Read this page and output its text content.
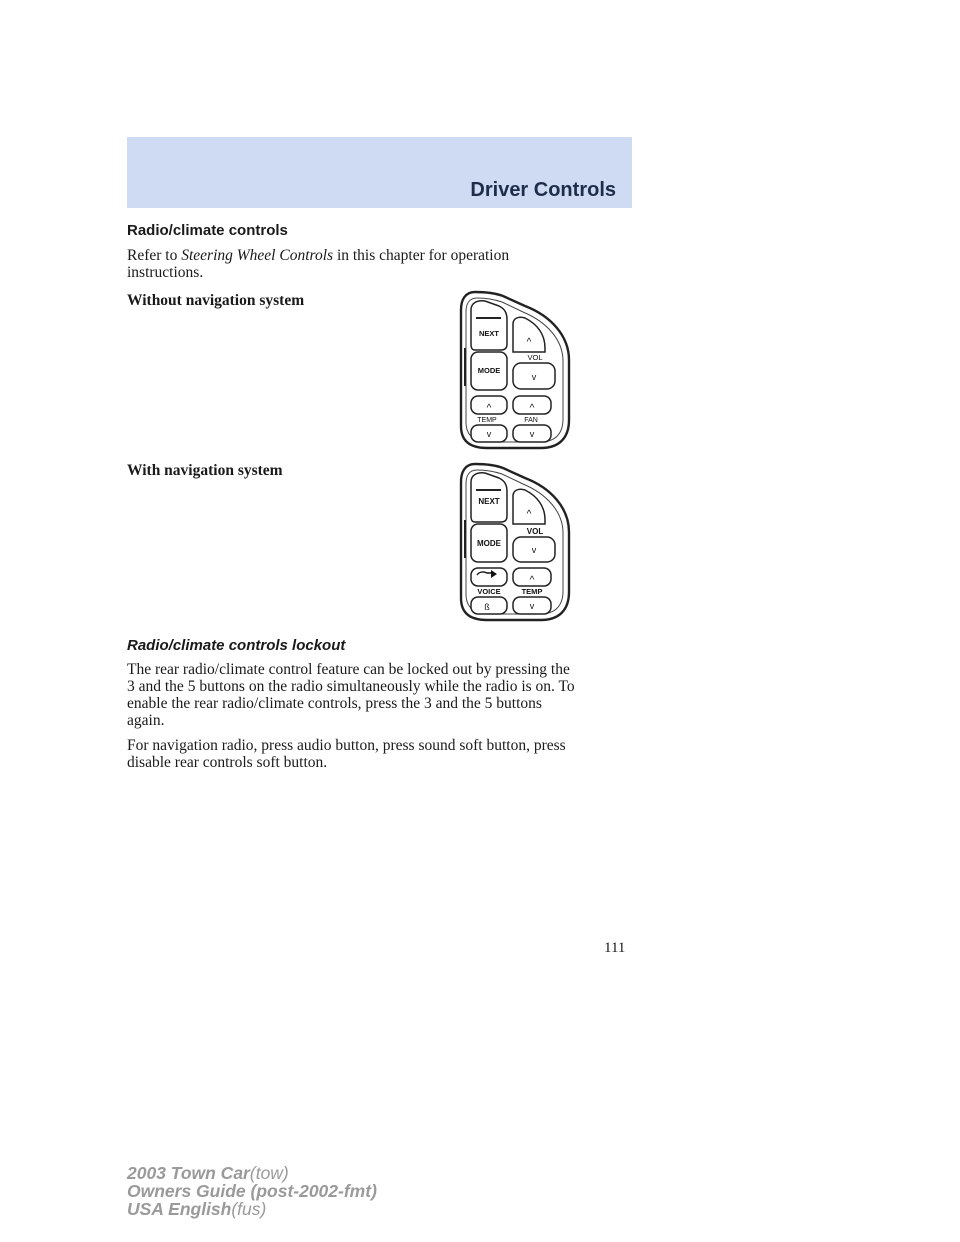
Driver Controls
Radio/climate controls

Refer to Steering Wheel Controls in this chapter for operation
instructions.

Without navigation system
NEXT
MODE
^
VOL
v
^
TEMP
v
^
FAN
v
With navigation system
NEXT
MODE
^
VOL
v
VOICE
ß
^
TEMP
v
Radio/climate controls lockout

The rear radio/climate control feature can be locked out by pressing the
3 and the 5 buttons on the radio simultaneously while the radio is on. To
enable the rear radio/climate controls, press the 3 and the 5 buttons
again.

For navigation radio, press audio button, press sound soft button, press
disable rear controls soft button.

111
2003 Town Car(tow)
Owners Guide (post-2002-fmt)
USA English(fus)
